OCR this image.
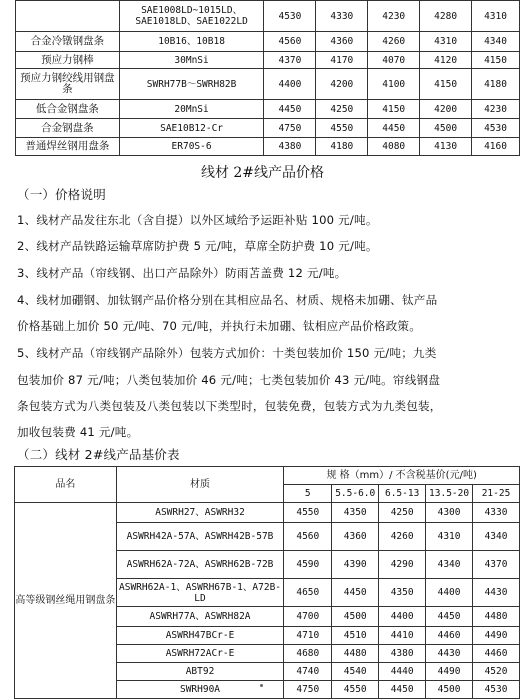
	SAE1008LD~1015LD、SAE1018LD、SAE1022LD	4530	4330	4230	4280	4310
合金冷镦钢盘条	10B16、10B18	4560	4360	4260	4310	4340
预应力钢棒	30MnSi	4370	4170	4070	4120	4150
预应力钢绞线用钢盘条	SWRH77B～SWRH82B	4400	4200	4100	4150	4180
低合金钢盘条	20MnSi	4450	4250	4150	4200	4230
合金钢盘条	SAE10B12-Cr	4750	4550	4450	4500	4530
普通焊丝钢用盘条	ER70S-6	4380	4180	4080	4130	4160
线材 2#线产品价格
（一）价格说明
1、线材产品发往东北（含自提）以外区域给予运距补贴 100 元/吨。
2、线材产品铁路运输草席防护费 5 元/吨，草席全防护费 10 元/吨。
3、线材产品（帘线钢、出口产品除外）防雨苫盖费 12 元/吨。
4、线材加硼钢、加钛钢产品价格分别在其相应品名、材质、规格未加硼、钛产品
价格基础上加价 50 元/吨、70 元/吨，并执行未加硼、钛相应产品价格政策。
5、线材产品（帘线钢产品除外）包装方式加价：十类包装加价 150 元/吨；九类
包装加价 87 元/吨；八类包装加价 46 元/吨；七类包装加价 43 元/吨。帘线钢盘
条包装方式为八类包装及八类包装以下类型时，包装免费，包装方式为九类包装，
加收包装费 41 元/吨。
（二）线材 2#线产品基价表
品名	材质	规 格（mm）/ 不含税基价(元/吨)				
		5	5.5-6.0	6.5-13	13.5-20	21-25
高等级钢丝绳用钢盘条	ASWRH27、ASWRH32	4550	4350	4250	4300	4330
	ASWRH42A-57A、ASWRH42B-57B	4560	4360	4260	4310	4340
	ASWRH62A-72A、ASWRH62B-72B	4590	4390	4290	4340	4370
	ASWRH62A-1、ASWRH67B-1、A72B-LD	4650	4450	4350	4400	4430
	ASWRH77A、ASWRH82A	4700	4500	4400	4450	4480
	ASWRH47BCr-E	4710	4510	4410	4460	4490
	ASWRH72ACr-E	4680	4480	4380	4430	4460
	ABT92	4740	4540	4440	4490	4520
	SWRH90A	4750	4550	4450	4500	4530
